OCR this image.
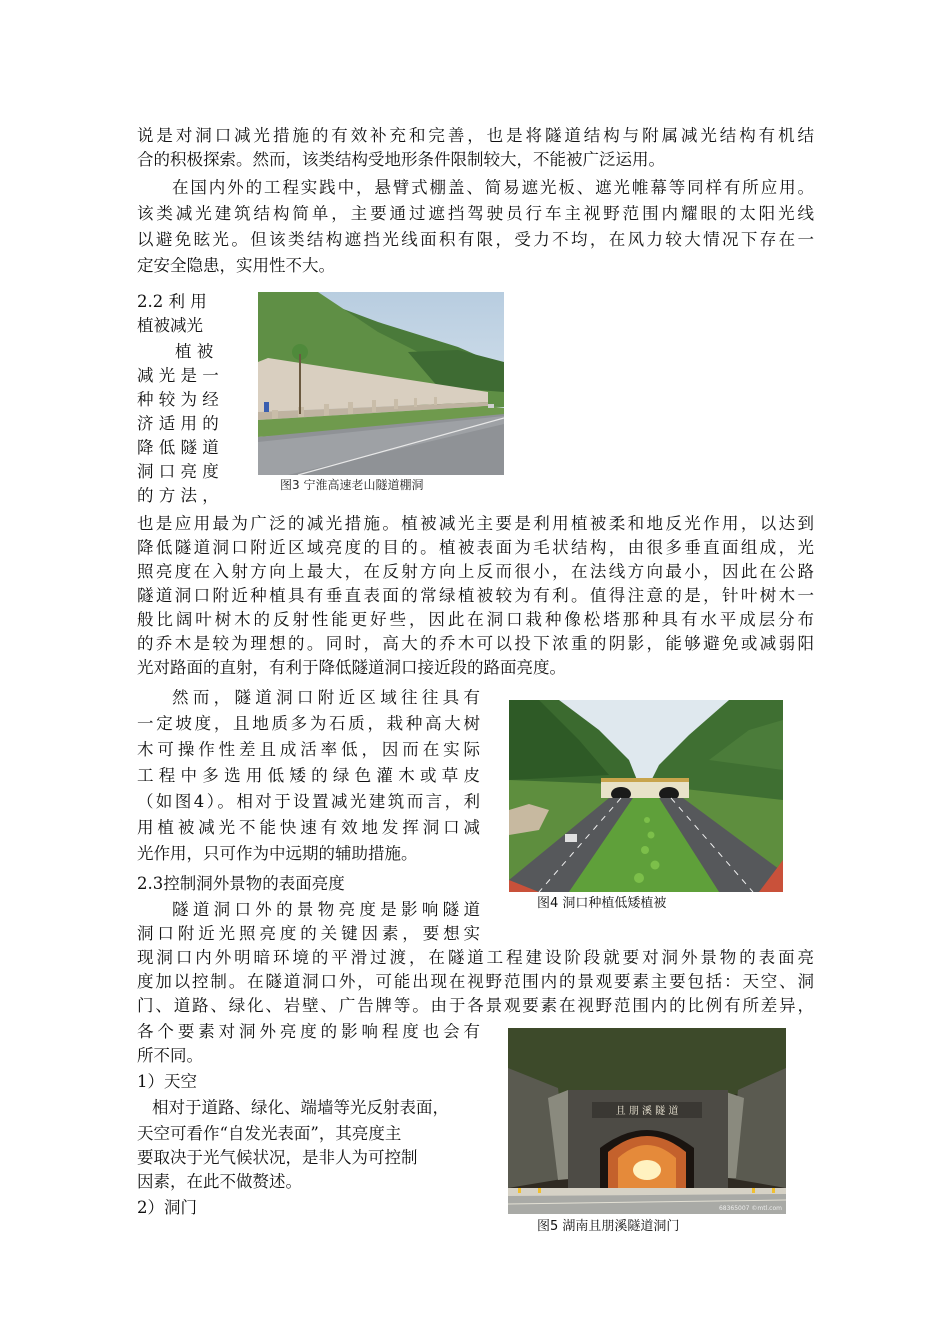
说是对洞口减光措施的有效补充和完善，也是将隧道结构与附属减光结构有机结

合的积极探索。然而，该类结构受地形条件限制较大，不能被广泛运用。

在国内外的工程实践中，悬臂式棚盖、简易遮光板、遮光帷幕等同样有所应用。

该类减光建筑结构简单，主要通过遮挡驾驶员行车主视野范围内耀眼的太阳光线

以避免眩光。但该类结构遮挡光线面积有限，受力不均，在风力较大情况下存在一

定安全隐患，实用性不大。

2.2 利 用

植被减光

植 被

减 光 是 一

种 较 为 经

济 适 用 的

降 低 隧 道

洞 口 亮 度

的 方 法 ，

图3 宁淮高速老山隧道棚洞

也是应用最为广泛的减光措施。植被减光主要是利用植被柔和地反光作用，以达到

降低隧道洞口附近区域亮度的目的。植被表面为毛状结构，由很多垂直面组成，光

照亮度在入射方向上最大，在反射方向上反而很小，在法线方向最小，因此在公路

隧道洞口附近种植具有垂直表面的常绿植被较为有利。值得注意的是，针叶树木一

般比阔叶树木的反射性能更好些，因此在洞口栽种像松塔那种具有水平成层分布

的乔木是较为理想的。同时，高大的乔木可以投下浓重的阴影，能够避免或减弱阳

光对路面的直射，有利于降低隧道洞口接近段的路面亮度。

然而，隧道洞口附近区域往往具有

一定坡度，且地质多为石质，栽种高大树

木可操作性差且成活率低，因而在实际

工程中多选用低矮的绿色灌木或草皮

（如图4）。相对于设置减光建筑而言，利

用植被减光不能快速有效地发挥洞口减

光作用，只可作为中远期的辅助措施。

图4 洞口种植低矮植被

2.3控制洞外景物的表面亮度

隧道洞口外的景物亮度是影响隧道

洞口附近光照亮度的关键因素，要想实

现洞口内外明暗环境的平滑过渡，在隧道工程建设阶段就要对洞外景物的表面亮

度加以控制。在隧道洞口外，可能出现在视野范围内的景观要素主要包括：天空、洞

门、道路、绿化、岩壁、广告牌等。由于各景观要素在视野范围内的比例有所差异，

各个要素对洞外亮度的影响程度也会有

所不同。

1）天空

相对于道路、绿化、端墙等光反射表面，

天空可看作“自发光表面”，其亮度主

要取决于光气候状况，是非人为可控制

因素，在此不做赘述。

2）洞门

且 朋 溪 隧 道
68365007 ©mtl.com
图5 湖南且朋溪隧道洞门
